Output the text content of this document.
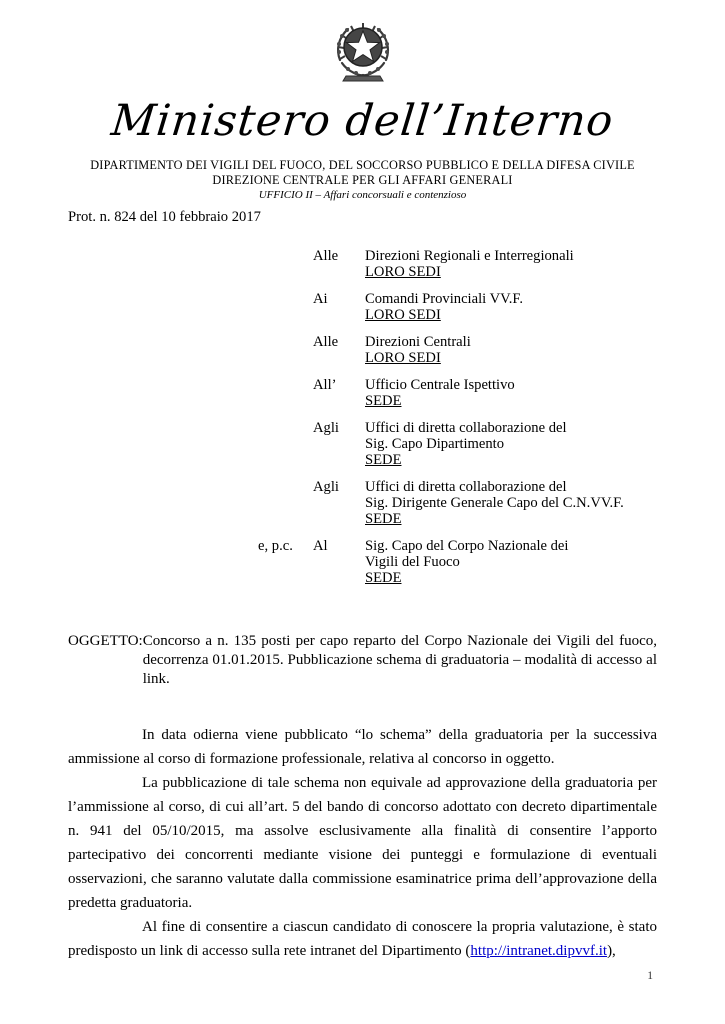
Ministero dell’Interno
DIPARTIMENTO DEI VIGILI DEL FUOCO, DEL SOCCORSO PUBBLICO E DELLA DIFESA CIVILE
DIREZIONE CENTRALE PER GLI AFFARI GENERALI
UFFICIO II – Affari concorsuali e contenzioso
Prot. n. 824 del 10 febbraio 2017
Alle	Direzioni Regionali e Interregionali
LORO SEDI
Ai	Comandi Provinciali VV.F.
LORO SEDI
Alle	Direzioni Centrali
LORO SEDI
All’	Ufficio Centrale Ispettivo
SEDE
Agli	Uffici di diretta collaborazione del
Sig. Capo Dipartimento
SEDE
Agli	Uffici di diretta collaborazione del
Sig. Dirigente Generale Capo del C.N.VV.F.
SEDE
e, p.c.	Al	Sig. Capo del Corpo Nazionale dei
Vigili del Fuoco
SEDE
OGGETTO: Concorso a n. 135 posti per capo reparto del Corpo Nazionale dei Vigili del fuoco, decorrenza 01.01.2015. Pubblicazione schema di graduatoria – modalità di accesso al link.

In data odierna viene pubblicato “lo schema” della graduatoria per la successiva ammissione al corso di formazione professionale, relativa al concorso in oggetto.

La pubblicazione di tale schema non equivale ad approvazione della graduatoria per l’ammissione al corso, di cui all’art. 5 del bando di concorso adottato con decreto dipartimentale n. 941 del 05/10/2015, ma assolve esclusivamente alla finalità di consentire l’apporto partecipativo dei concorrenti mediante visione dei punteggi e formulazione di eventuali osservazioni, che saranno valutate dalla commissione esaminatrice prima dell’approvazione della predetta graduatoria.

Al fine di consentire a ciascun candidato di conoscere la propria valutazione, è stato predisposto un link di accesso sulla rete intranet del Dipartimento (http://intranet.dipvvf.it),

1
